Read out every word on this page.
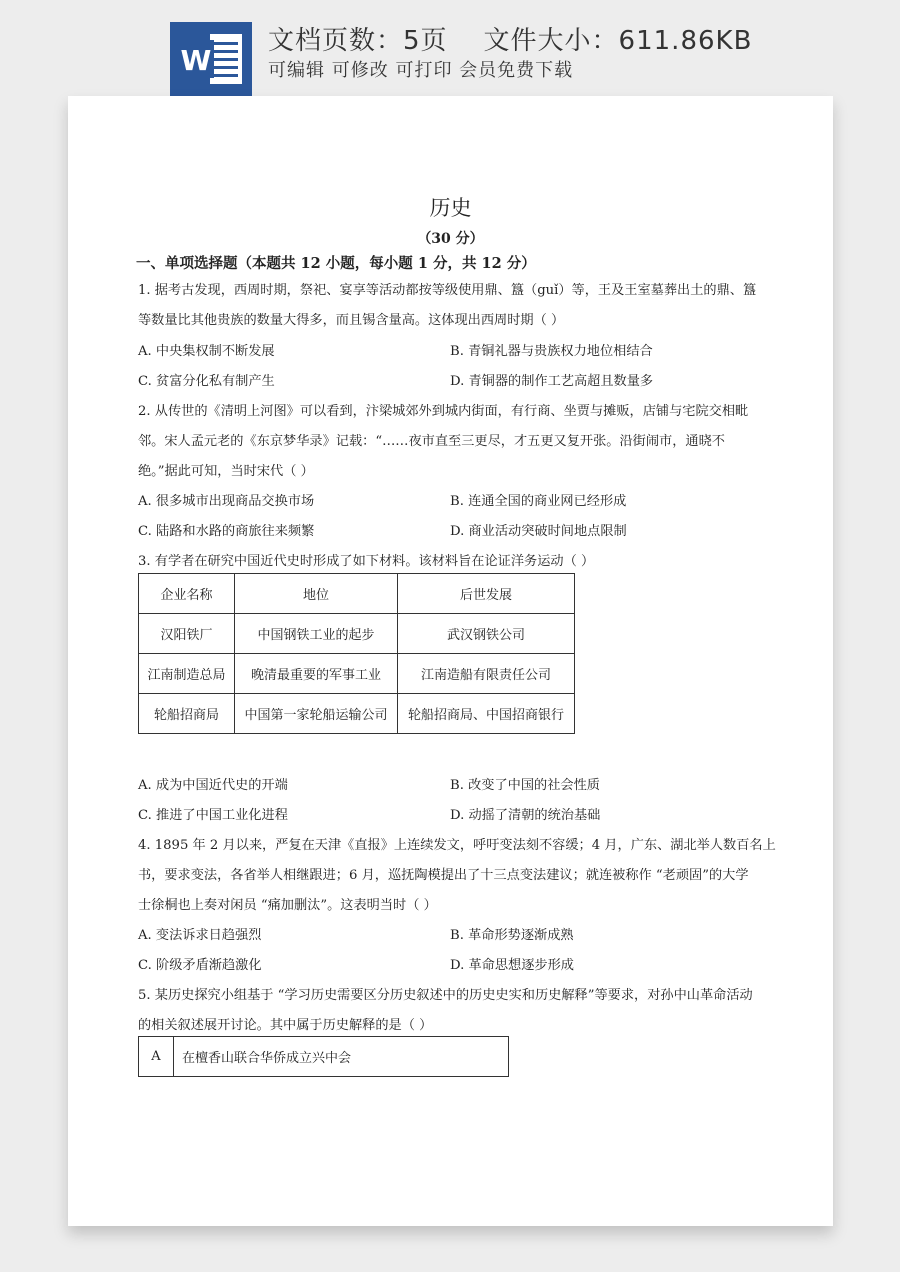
W
文档页数：5页 文件大小：611.86KB
可编辑 可修改 可打印 会员免费下载
历史
（30 分）
一、单项选择题（本题共 12 小题，每小题 1 分，共 12 分）
1. 据考古发现，西周时期，祭祀、宴享等活动都按等级使用鼎、簋（guǐ）等，王及王室墓葬出土的鼎、簋
等数量比其他贵族的数量大得多，而且锡含量高。这体现出西周时期（ ）
A. 中央集权制不断发展	B. 青铜礼器与贵族权力地位相结合
C. 贫富分化私有制产生	D. 青铜器的制作工艺高超且数量多
2. 从传世的《清明上河图》可以看到，汴梁城郊外到城内街面，有行商、坐贾与摊贩，店铺与宅院交相毗
邻。宋人孟元老的《东京梦华录》记载：“……夜市直至三更尽，才五更又复开张。沿街闹市，通晓不
绝。”据此可知，当时宋代（ ）
A. 很多城市出现商品交换市场	B. 连通全国的商业网已经形成
C. 陆路和水路的商旅往来频繁	D. 商业活动突破时间地点限制
3. 有学者在研究中国近代史时形成了如下材料。该材料旨在论证洋务运动（ ）
企业名称	地位	后世发展
汉阳铁厂	中国钢铁工业的起步	武汉钢铁公司
江南制造总局	晚清最重要的军事工业	江南造船有限责任公司
轮船招商局	中国第一家轮船运输公司	轮船招商局、中国招商银行
A. 成为中国近代史的开端	B. 改变了中国的社会性质
C. 推进了中国工业化进程	D. 动摇了清朝的统治基础
4. 1895 年 2 月以来，严复在天津《直报》上连续发文，呼吁变法刻不容缓；4 月，广东、湖北举人数百名上
书，要求变法，各省举人相继跟进；6 月，巡抚陶模提出了十三点变法建议；就连被称作 “老顽固”的大学
士徐桐也上奏对闲员 “痛加删汰”。这表明当时（ ）
A. 变法诉求日趋强烈	B. 革命形势逐渐成熟
C. 阶级矛盾渐趋激化	D. 革命思想逐步形成
5. 某历史探究小组基于 “学习历史需要区分历史叙述中的历史史实和历史解释”等要求，对孙中山革命活动
的相关叙述展开讨论。其中属于历史解释的是（ ）
A	在檀香山联合华侨成立兴中会
